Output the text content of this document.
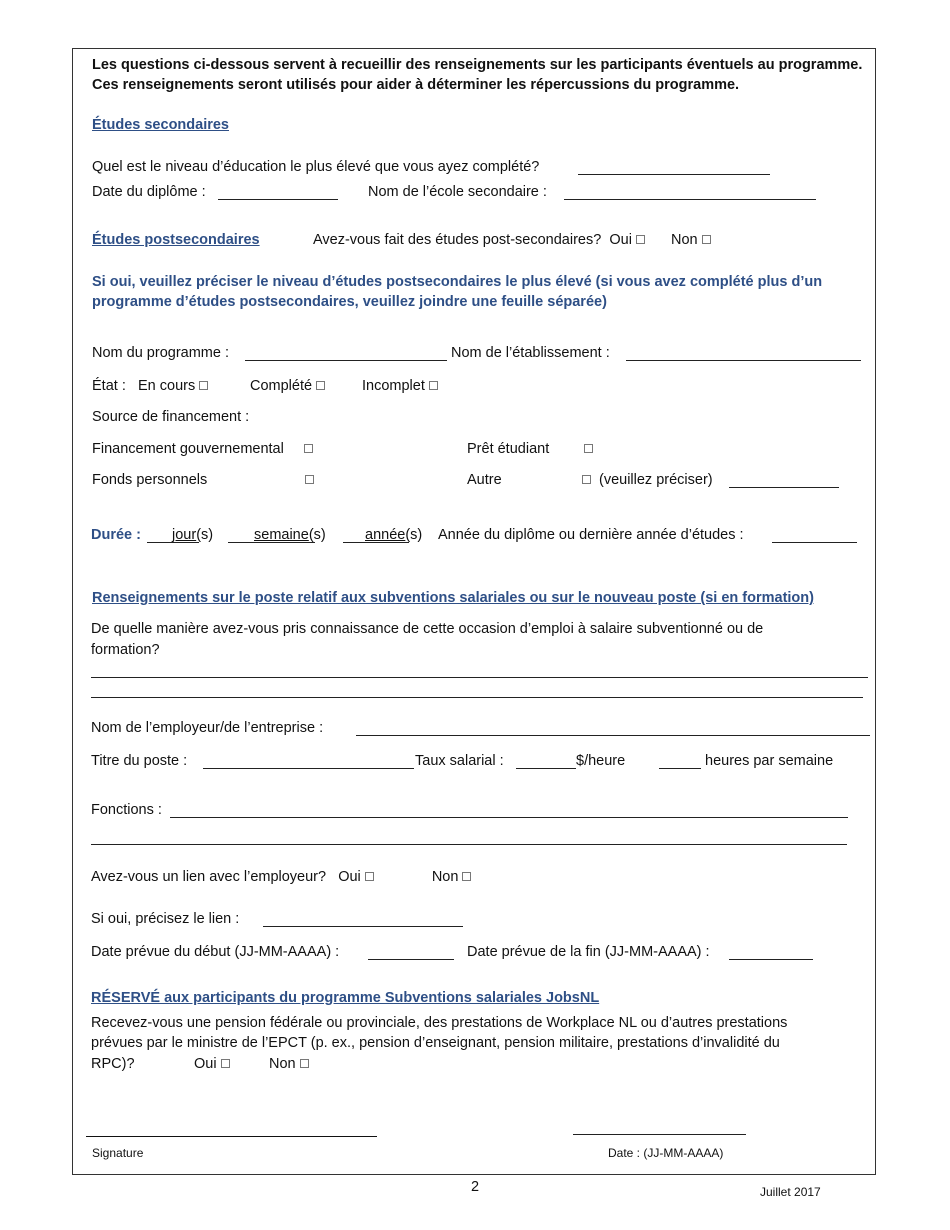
Les questions ci-dessous servent à recueillir des renseignements sur les participants éventuels au programme.
Ces renseignements seront utilisés pour aider à déterminer les répercussions du programme.
Études secondaires
Quel est le niveau d’éducation le plus élevé que vous ayez complété?
Date du diplôme :	Nom de l’école secondaire :
Études postsecondaires	Avez-vous fait des études post-secondaires? Oui	Non
Si oui, veuillez préciser le niveau d’études postsecondaires le plus élevé (si vous avez complété plus d’un
programme d’études postsecondaires, veuillez joindre une feuille séparée)
Nom du programme :	Nom de l’établissement :
État : En cours	Complété	Incomplet
Source de financement :
Financement gouvernemental	Prêt étudiant
Fonds personnels	Autre	(veuillez préciser)
Durée : jour(s)	semaine(s)	année(s) Année du diplôme ou dernière année d’études :
Renseignements sur le poste relatif aux subventions salariales ou sur le nouveau poste (si en formation)
De quelle manière avez-vous pris connaissance de cette occasion d’emploi à salaire subventionné ou de
formation?
Nom de l’employeur/de l’entreprise :
Titre du poste :	Taux salarial :	$/heure	heures par semaine
Fonctions :
Avez-vous un lien avec l’employeur? Oui	Non
Si oui, précisez le lien :
Date prévue du début (JJ-MM-AAAA) :	Date prévue de la fin (JJ-MM-AAAA) :
RÉSERVÉ aux participants du programme Subventions salariales JobsNL
Recevez-vous une pension fédérale ou provinciale, des prestations de Workplace NL ou d’autres prestations
prévues par le ministre de l’EPCT (p. ex., pension d’enseignant, pension militaire, prestations d’invalidité du
RPC)?	Oui	Non
Signature	Date : (JJ-MM-AAAA)
2	Juillet 2017
